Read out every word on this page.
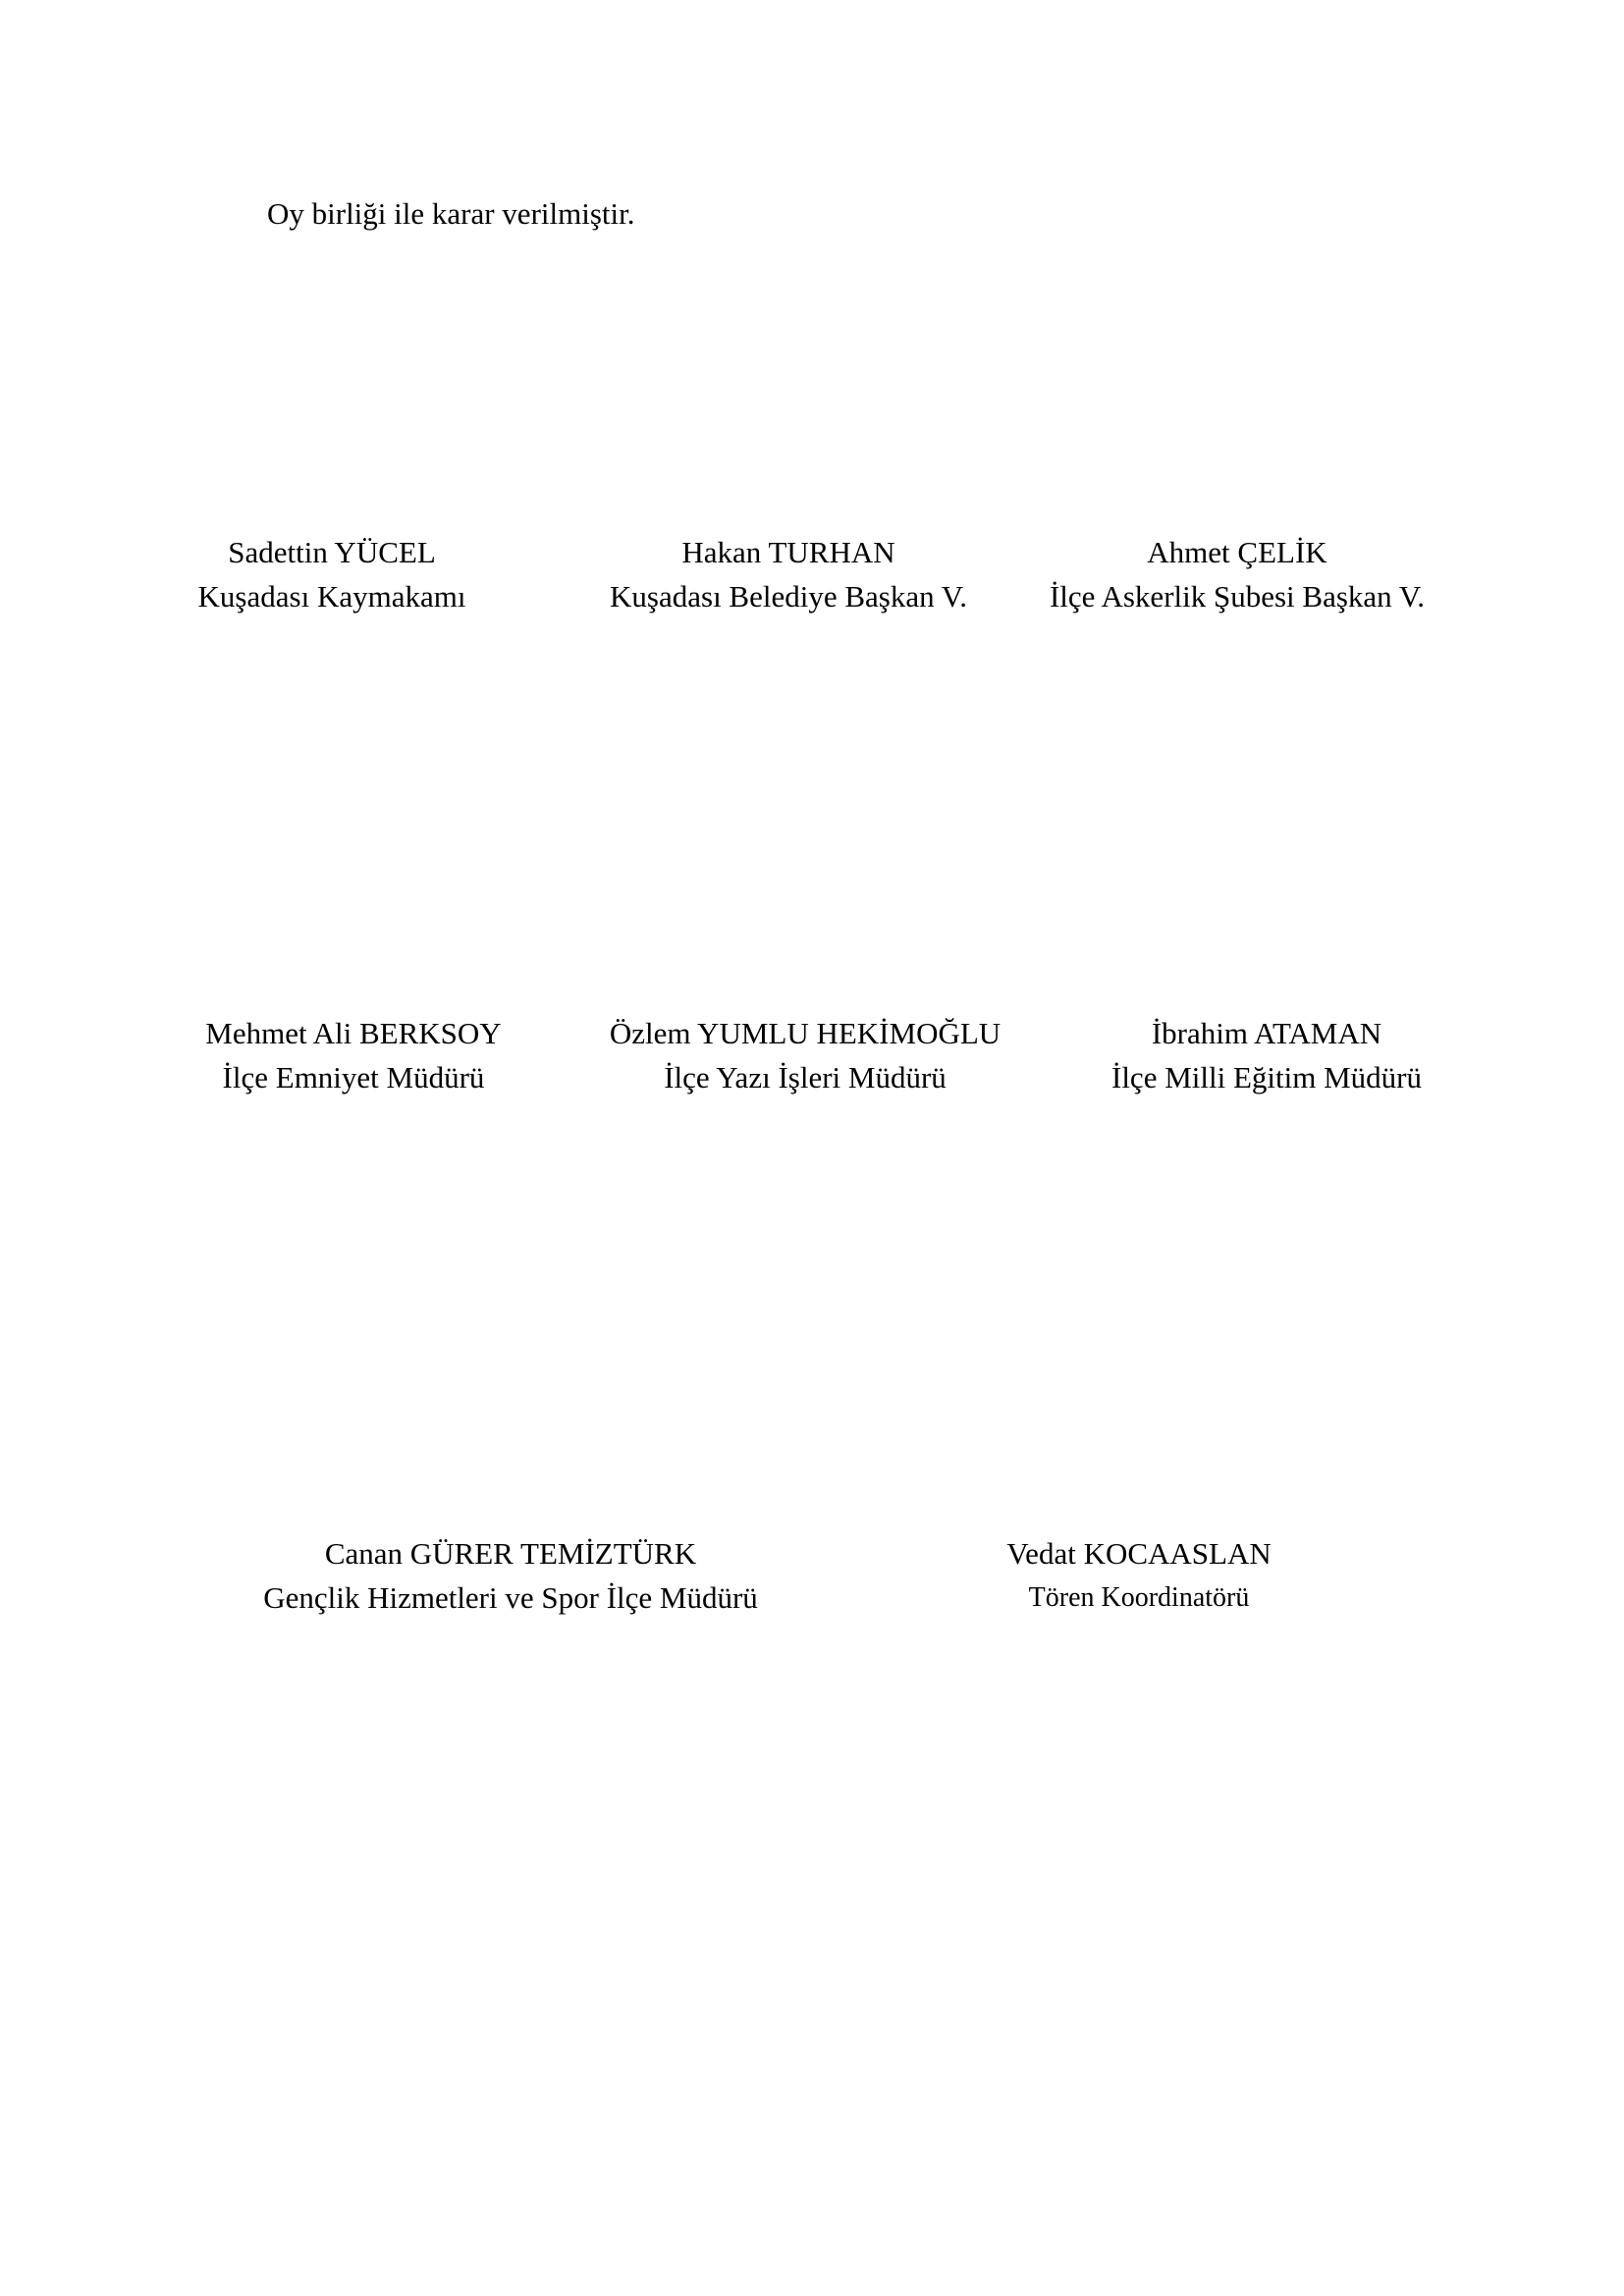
Oy birliği ile karar verilmiştir.
Sadettin YÜCEL
Kuşadası Kaymakamı
Hakan TURHAN
Kuşadası Belediye Başkan V.
Ahmet ÇELİK
İlçe Askerlik Şubesi Başkan V.
Mehmet Ali BERKSOY
İlçe Emniyet Müdürü
Özlem YUMLU HEKİMOĞLU
İlçe Yazı İşleri Müdürü
İbrahim ATAMAN
İlçe Milli Eğitim Müdürü
Canan GÜRER TEMİZTÜRK
Gençlik Hizmetleri ve Spor İlçe Müdürü
Vedat KOCAASLAN
Tören Koordinatörü
